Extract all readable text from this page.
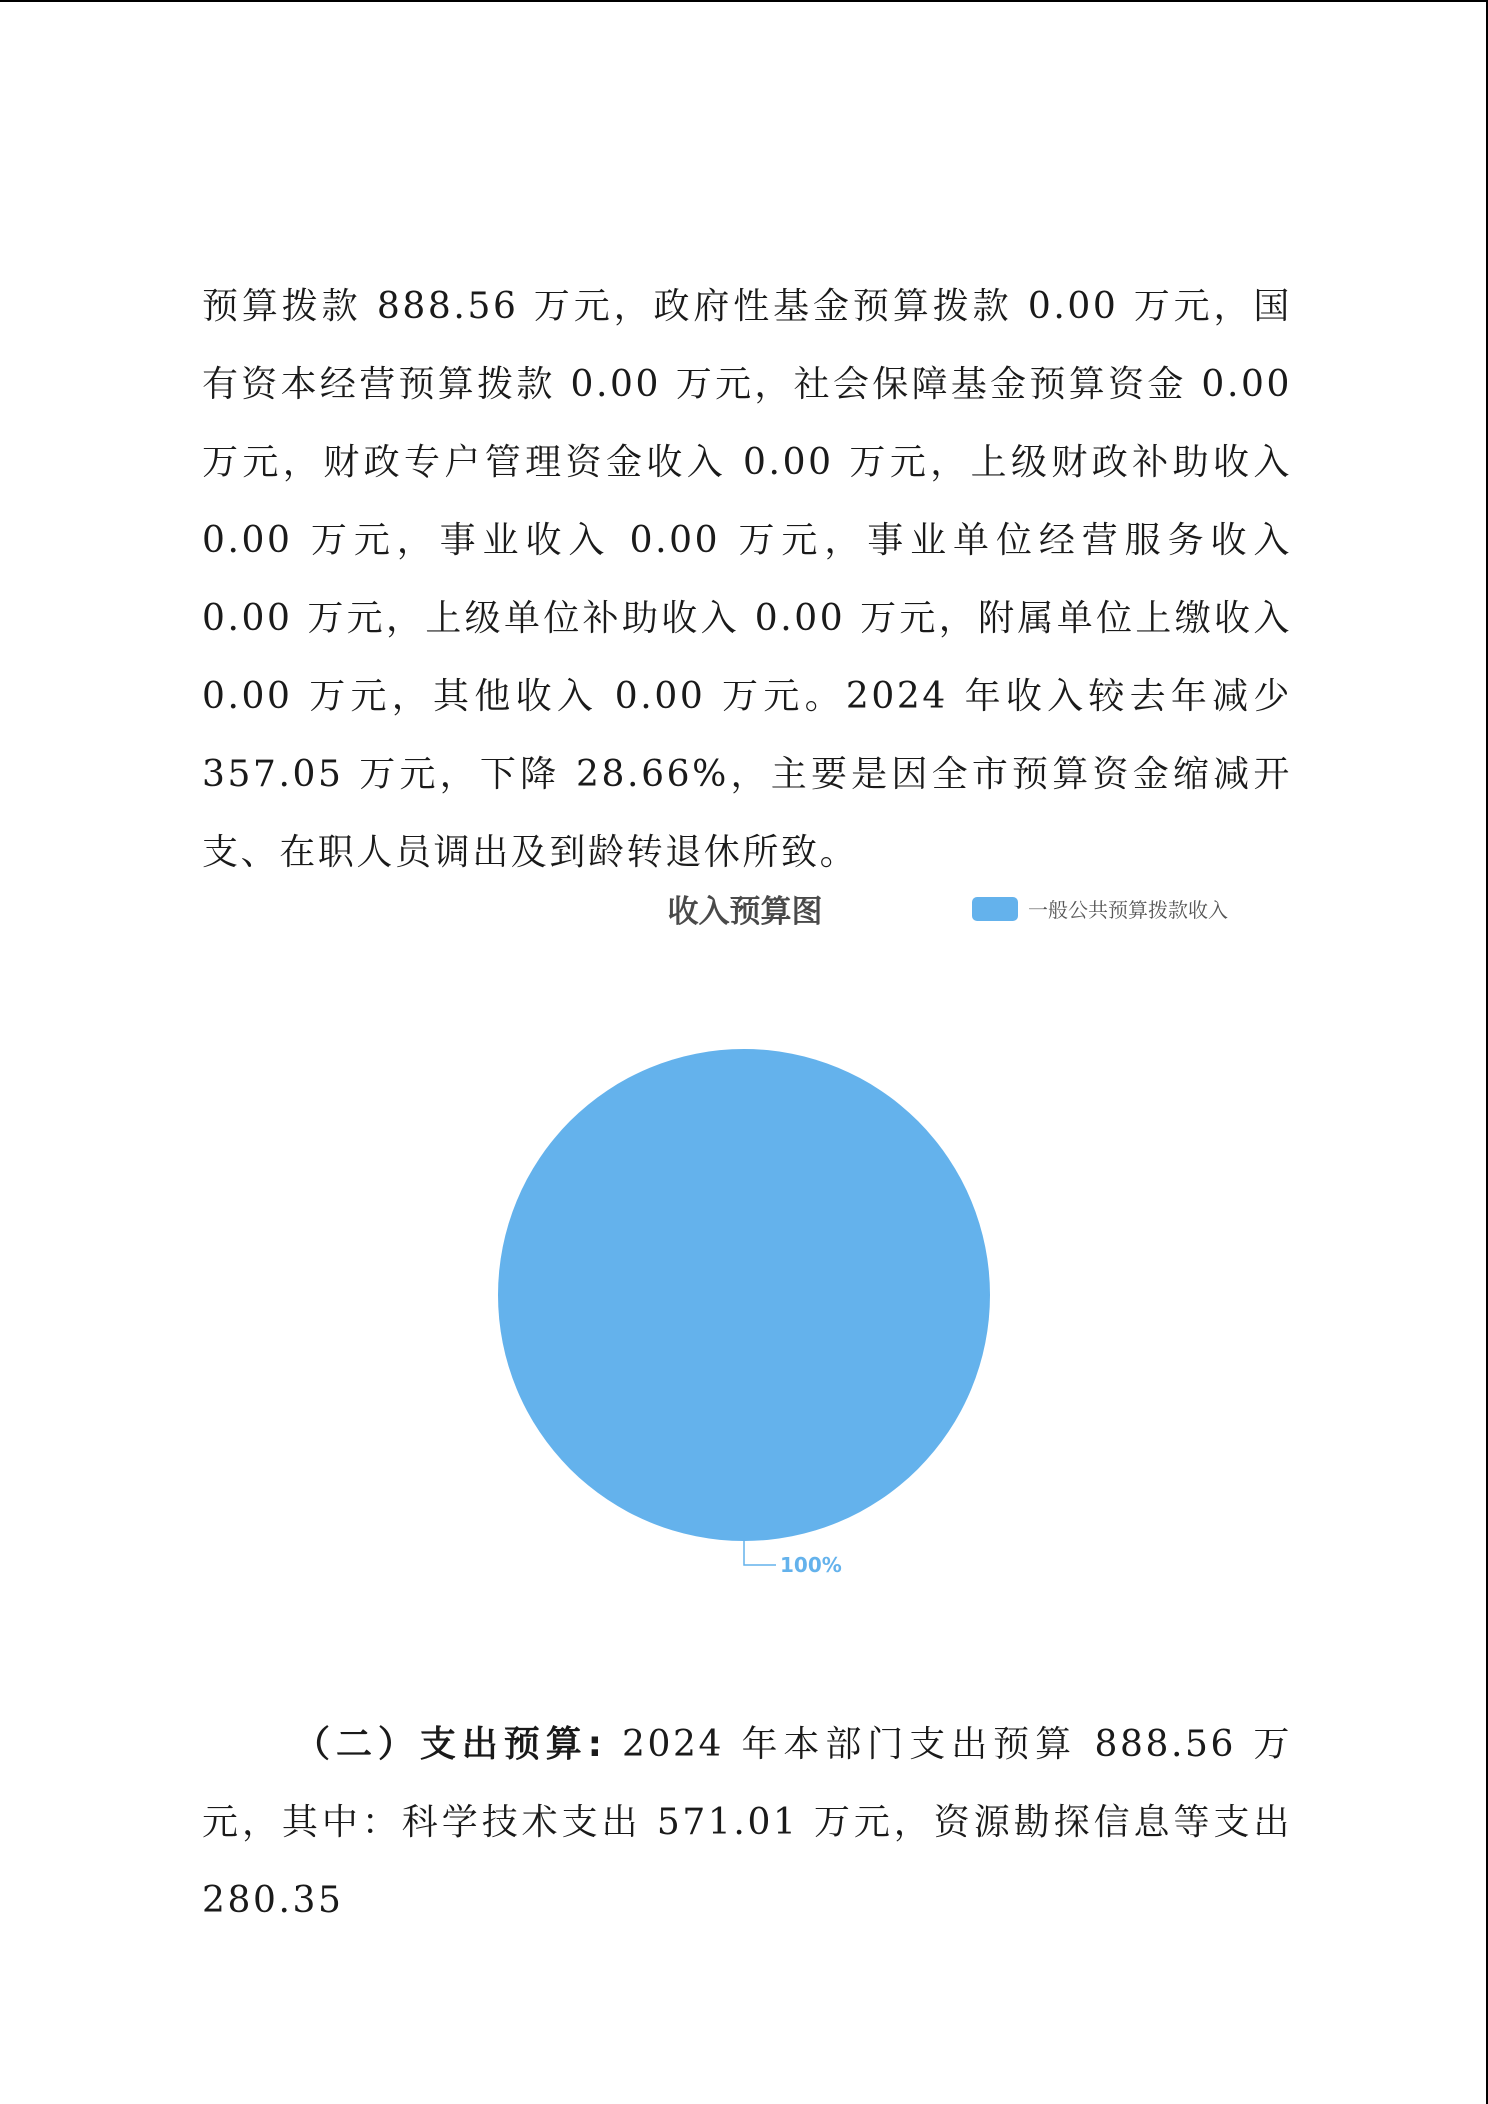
预算拨款 888.56 万元，政府性基金预算拨款 0.00 万元，国有资本经营预算拨款 0.00 万元，社会保障基金预算资金 0.00 万元，财政专户管理资金收入 0.00 万元，上级财政补助收入 0.00 万元，事业收入 0.00 万元，事业单位经营服务收入 0.00 万元，上级单位补助收入 0.00 万元，附属单位上缴收入 0.00 万元，其他收入 0.00 万元。2024 年收入较去年减少 357.05 万元，下降 28.66%，主要是因全市预算资金缩减开支、在职人员调出及到龄转退休所致。

收入预算图	一般公共预算拨款收入
100%

（二）支出预算: 2024 年本部门支出预算 888.56 万元，其中：科学技术支出 571.01 万元，资源勘探信息等支出 280.35
